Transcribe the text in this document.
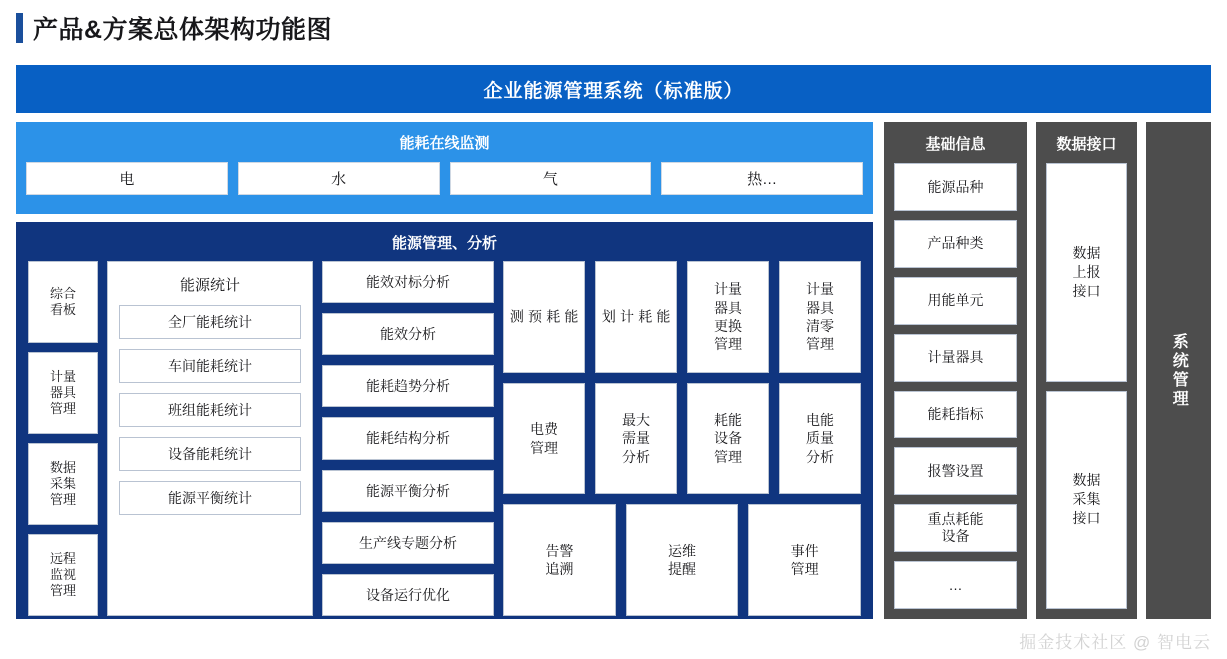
产品&方案总体架构功能图
企业能源管理系统（标准版）
能耗在线监测
电	水	气	热…
能源管理、分析
综合
看板
计量
器具
管理
数据
采集
管理
远程
监视
管理
能源统计
全厂能耗统计
车间能耗统计
班组能耗统计
设备能耗统计
能源平衡统计
能效对标分析
能效分析
能耗趋势分析
能耗结构分析
能源平衡分析
生产线专题分析
设备运行优化
能
耗
预
测	能
耗
计
划
计量
器具
更换
管理
计量
器具
清零
管理
电费
管理
最大
需量
分析
耗能
设备
管理
电能
质量
分析
告警
追溯
运维
提醒
事件
管理
基础信息
能源品种
产品种类
用能单元
计量器具
能耗指标
报警设置
重点耗能
设备
…
数据接口
数据
上报
接口
数据
采集
接口
系统管理
掘金技术社区 @ 智电云
